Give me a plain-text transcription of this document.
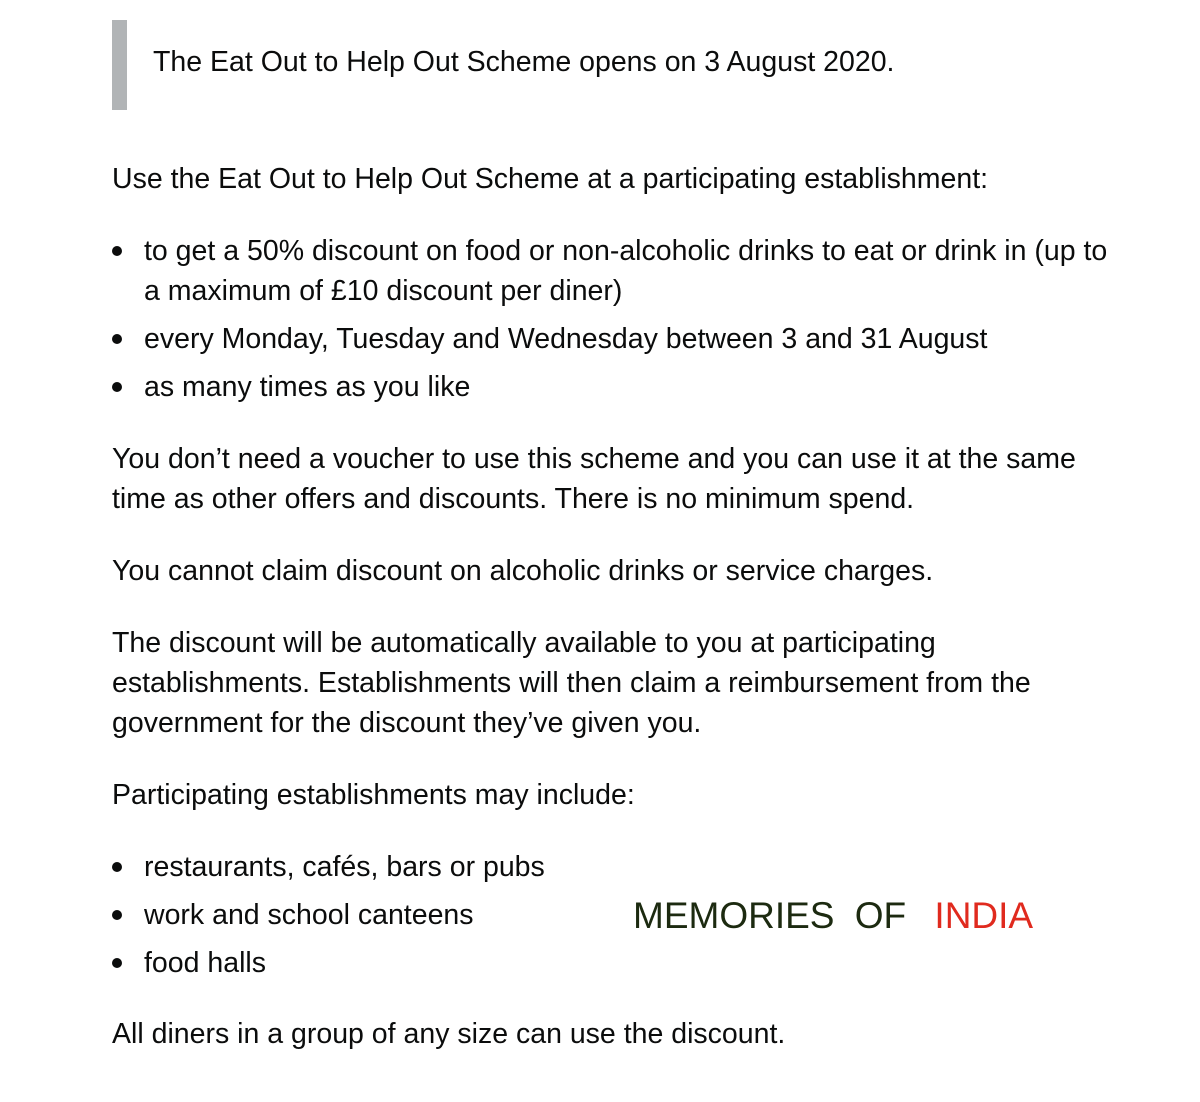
The Eat Out to Help Out Scheme opens on 3 August 2020.

Use the Eat Out to Help Out Scheme at a participating establishment:

to get a 50% discount on food or non-alcoholic drinks to eat or drink in (up to a maximum of £10 discount per diner)
every Monday, Tuesday and Wednesday between 3 and 31 August
as many times as you like

You don’t need a voucher to use this scheme and you can use it at the same time as other offers and discounts. There is no minimum spend.

You cannot claim discount on alcoholic drinks or service charges.

The discount will be automatically available to you at participating establishments. Establishments will then claim a reimbursement from the government for the discount they’ve given you.

Participating establishments may include:

restaurants, cafés, bars or pubs
work and school canteens
food halls

All diners in a group of any size can use the discount.

MEMORIES OF INDIA
